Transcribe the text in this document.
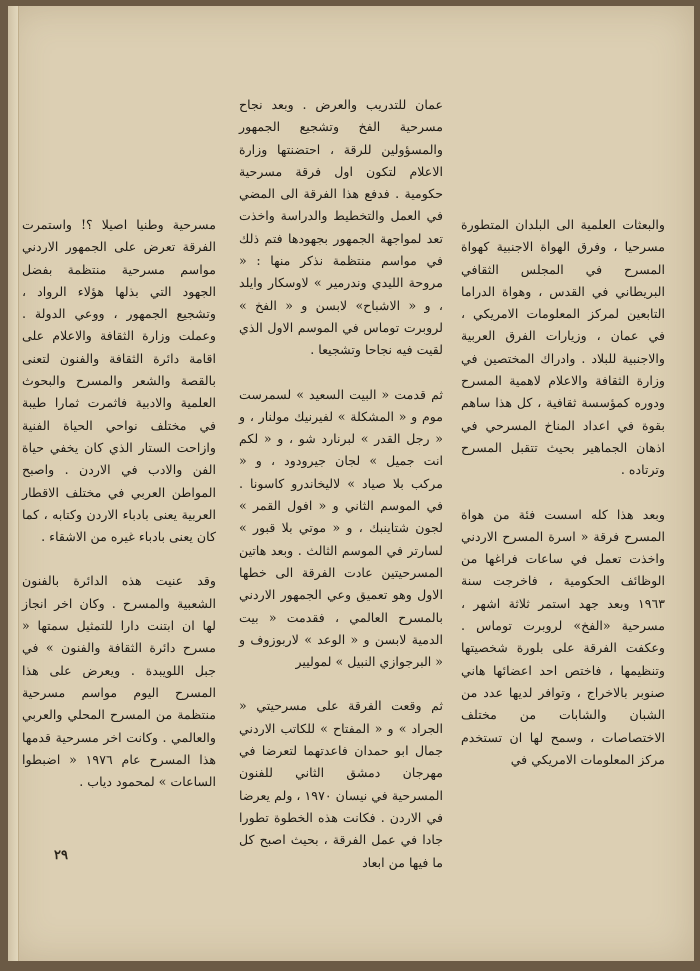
والبعثات العلمية الى البلدان المتطورة مسرحيا ، وفرق الهواة الاجنبية كهواة المسرح في المجلس الثقافي البريطاني في القدس ، وهواة الدراما التابعين لمركز المعلومات الامريكي ، في عمان ، وزيارات الفرق العربية والاجنبية للبلاد . وادراك المختصين في وزارة الثقافة والاعلام لاهمية المسرح ودوره كمؤسسة ثقافية ، كل هذا ساهم بقوة في اعداد المناخ المسرحي في اذهان الجماهير بحيث تتقبل المسرح وترتاده .

وبعد هذا كله اسست فئة من هواة المسرح فرقة « اسرة المسرح الاردني واخذت تعمل في ساعات فراغها من الوظائف الحكومية ، فاخرجت سنة ١٩٦٣ وبعد جهد استمر ثلاثة اشهر ، مسرحية «الفخ» لروبرت توماس . وعكفت الفرقة على بلورة شخصيتها وتنظيمها ، فاختص احد اعضائها هاني صنوبر بالاخراج ، وتوافر لديها عدد من الشبان والشابات من مختلف الاختصاصات ، وسمح لها ان تستخدم مركز المعلومات الامريكي في

عمان للتدريب والعرض . وبعد نجاح مسرحية الفخ وتشجيع الجمهور والمسؤولين للرقة ، احتضنتها وزارة الاعلام لتكون اول فرقة مسرحية حكومية . فدفع هذا الفرقة الى المضي في العمل والتخطيط والدراسة واخذت تعد لمواجهة الجمهور بجهودها فتم ذلك في مواسم منتظمة نذكر منها : « مروحة الليدي وندرمير » لاوسكار وايلد ، و « الاشباح» لابسن و « الفخ » لروبرت توماس في الموسم الاول الذي لقيت فيه نجاحا وتشجيعا .

ثم قدمت « البيت السعيد » لسمرست موم و « المشكلة » لفيرنيك مولنار ، و « رجل القدر » لبرنارد شو ، و « لكم انت جميل » لجان جيرودود ، و « مركب بلا صياد » لاليخاندرو كاسونا . في الموسم الثاني و « افول القمر » لجون شتاينبك ، و « موتي بلا قبور » لسارتر في الموسم الثالث . وبعد هاتين المسرحيتين عادت الفرقة الى خطها الاول وهو تعميق وعي الجمهور الاردني بالمسرح العالمي ، فقدمت « بيت الدمية لابسن و « الوعد » لاربوزوف و « البرجوازي النبيل » لموليير

ثم وقعت الفرقة على مسرحيتي « الجراد » و « المفتاح » للكاتب الاردني جمال ابو حمدان فاعدتهما لتعرضا في مهرجان دمشق الثاني للفنون المسرحية في نيسان ١٩٧٠ ، ولم يعرضا في الاردن . فكانت هذه الخطوة تطورا جادا في عمل الفرقة ، بحيث اصبح كل ما فيها من ابعاد

مسرحية وطنيا اصيلا ؟! واستمرت الفرقة تعرض على الجمهور الاردني مواسم مسرحية منتظمة بفضل الجهود التي بذلها هؤلاء الرواد ، وتشجيع الجمهور ، ووعي الدولة . وعملت وزارة الثقافة والاعلام على اقامة دائرة الثقافة والفنون لتعنى بالقصة والشعر والمسرح والبحوث العلمية والادبية فاثمرت ثمارا طيبة في مختلف نواحي الحياة الفنية وازاحت الستار الذي كان يخفي حياة الفن والادب في الاردن . واصبح المواطن العربي في مختلف الاقطار العربية يعنى بادباء الاردن وكتابه ، كما كان يعنى بادباء غيره من الاشقاء .

وقد عنيت هذه الدائرة بالفنون الشعبية والمسرح . وكان اخر انجاز لها ان ابتنت دارا للتمثيل سمتها « مسرح دائرة الثقافة والفنون » في جبل اللويبدة . ويعرض على هذا المسرح اليوم مواسم مسرحية منتظمة من المسرح المحلي والعربي والعالمي . وكانت اخر مسرحية قدمها هذا المسرح عام ١٩٧٦ « اضبطوا الساعات » لمحمود دياب .

٢٩
